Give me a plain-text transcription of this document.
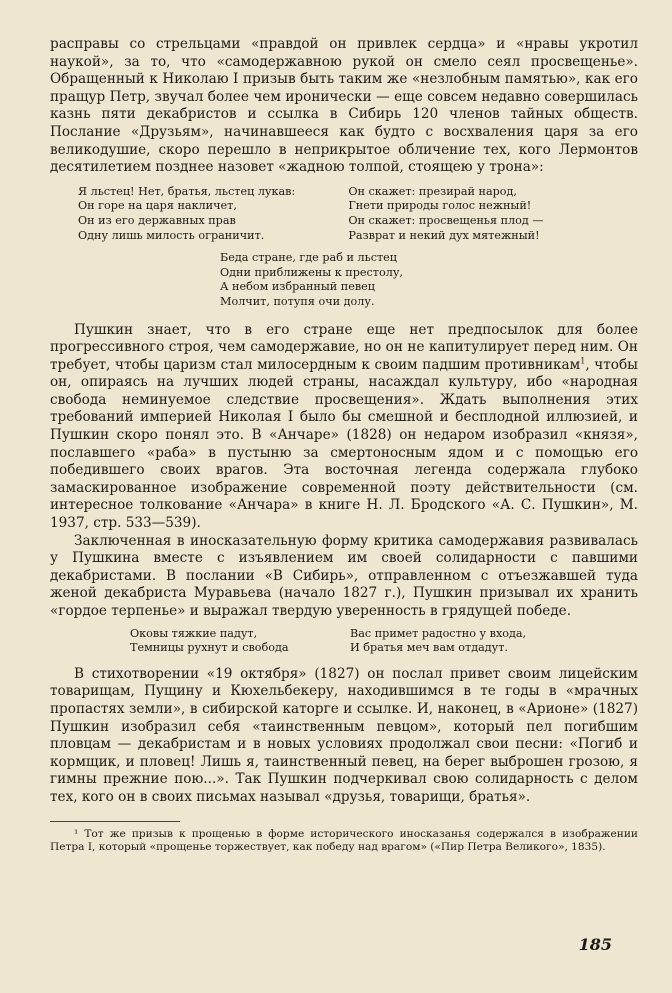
расправы со стрельцами «правдой он привлек сердца» и «нравы укротил наукой», за то, что «самодержавною рукой он смело сеял просвещенье». Обращенный к Николаю I призыв быть таким же «незлобным памятью», как его пращур Петр, звучал более чем иронически — еще совсем недавно совершилась казнь пяти декабристов и ссылка в Сибирь 120 членов тайных обществ. Послание «Друзьям», начинавшееся как будто с восхваления царя за его великодушие, скоро перешло в неприкрытое обличение тех, кого Лермонтов десятилетием позднее назовет «жадною толпой, стоящею у трона»:

Я льстец! Нет, братья, льстец лукав:
Он горе на царя накличет,
Он из его державных прав
Одну лишь милость ограничит.
Он скажет: презирай народ,
Гнети природы голос нежный!
Он скажет: просвещенья плод —
Разврат и некий дух мятежный!
Беда стране, где раб и льстец
Одни приближены к престолу,
А небом избранный певец
Молчит, потупя очи долу.

Пушкин знает, что в его стране еще нет предпосылок для более прогрессивного строя, чем самодержавие, но он не капитулирует перед ним. Он требует, чтобы царизм стал милосердным к своим падшим противникам$^1$, чтобы он, опираясь на лучших людей страны, насаждал культуру, ибо «народная свобода неминуемое следствие просвещения». Ждать выполнения этих требований империей Николая I было бы смешной и бесплодной иллюзией, и Пушкин скоро понял это. В «Анчаре» (1828) он недаром изобразил «князя», пославшего «раба» в пустыню за смертоносным ядом и с помощью его победившего своих врагов. Эта восточная легенда содержала глубоко замаскированное изображение современной поэту действительности (см. интересное толкование «Анчара» в книге Н. Л. Бродского «А. С. Пушкин», М. 1937, стр. 533—539).

Заключенная в иносказательную форму критика самодержавия развивалась у Пушкина вместе с изъявлением им своей солидарности с павшими декабристами. В послании «В Сибирь», отправленном с отъезжавшей туда женой декабриста Муравьева (начало 1827 г.), Пушкин призывал их хранить «гордое терпенье» и выражал твердую уверенность в грядущей победе.

Оковы тяжкие падут,
Темницы рухнут и свобода
Вас примет радостно у входа,
И братья меч вам отдадут.

В стихотворении «19 октября» (1827) он послал привет своим лицейским товарищам, Пущину и Кюхельбекеру, находившимся в те годы в «мрачных пропастях земли», в сибирской каторге и ссылке. И, наконец, в «Арионе» (1827) Пушкин изобразил себя «таинственным певцом», который пел погибшим пловцам — декабристам и в новых условиях продолжал свои песни: «Погиб и кормщик, и пловец! Лишь я, таинственный певец, на берег выброшен грозою, я гимны прежние пою...». Так Пушкин подчеркивал свою солидарность с делом тех, кого он в своих письмах называл «друзья, товарищи, братья».

¹ Тот же призыв к прощенью в форме исторического иносказанья содержался в изображении Петра I, который «прощенье торжествует, как победу над врагом» («Пир Петра Великого», 1835).

185
